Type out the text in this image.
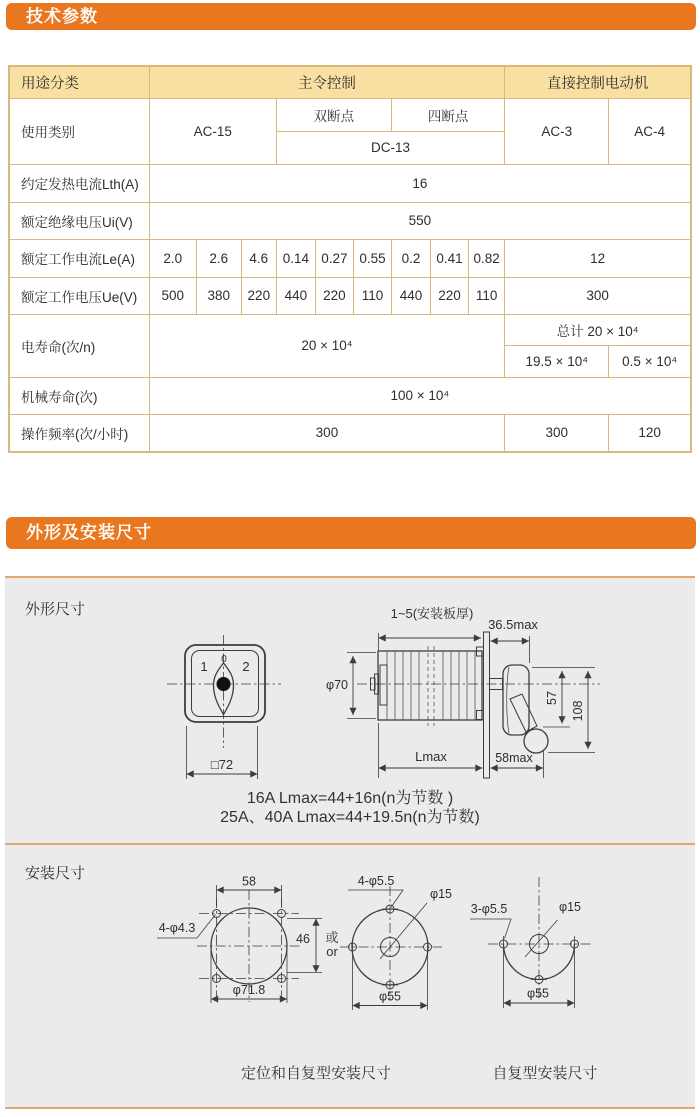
技术参数
用途分类	主令控制									直接控制电动机	
使用类别	AC-15			双断点			四断点			AC-3	AC-4
				DC-13							
约定发热电流Lth(A)	16										
额定绝缘电压Ui(V)	550										
额定工作电流Le(A)	2.0	2.6	4.6	0.14	0.27	0.55	0.2	0.41	0.82	12	
额定工作电压Ue(V)	500	380	220	440	220	110	440	220	110	300	
电寿命(次/n)	20 × 10⁴									总计 20 × 10⁴	
										19.5 × 10⁴	0.5 × 10⁴
机械寿命(次)	100 × 10⁴										
操作频率(次/小时)	300									300	120
外形及安装尺寸
外形尺寸
安装尺寸
1	2
0
□72
1~5(安装板厚)
36.5max
φ70
57
108
Lmax	58max
16A Lmax=44+16n(n为节数 )
25A、40A Lmax=44+19.5n(n为节数)
58
46
φ71.8
4-φ4.3
4-φ5.5
φ15
φ55
3-φ5.5	φ15
φ55
或
or
定位和自复型安装尺寸	自复型安装尺寸
